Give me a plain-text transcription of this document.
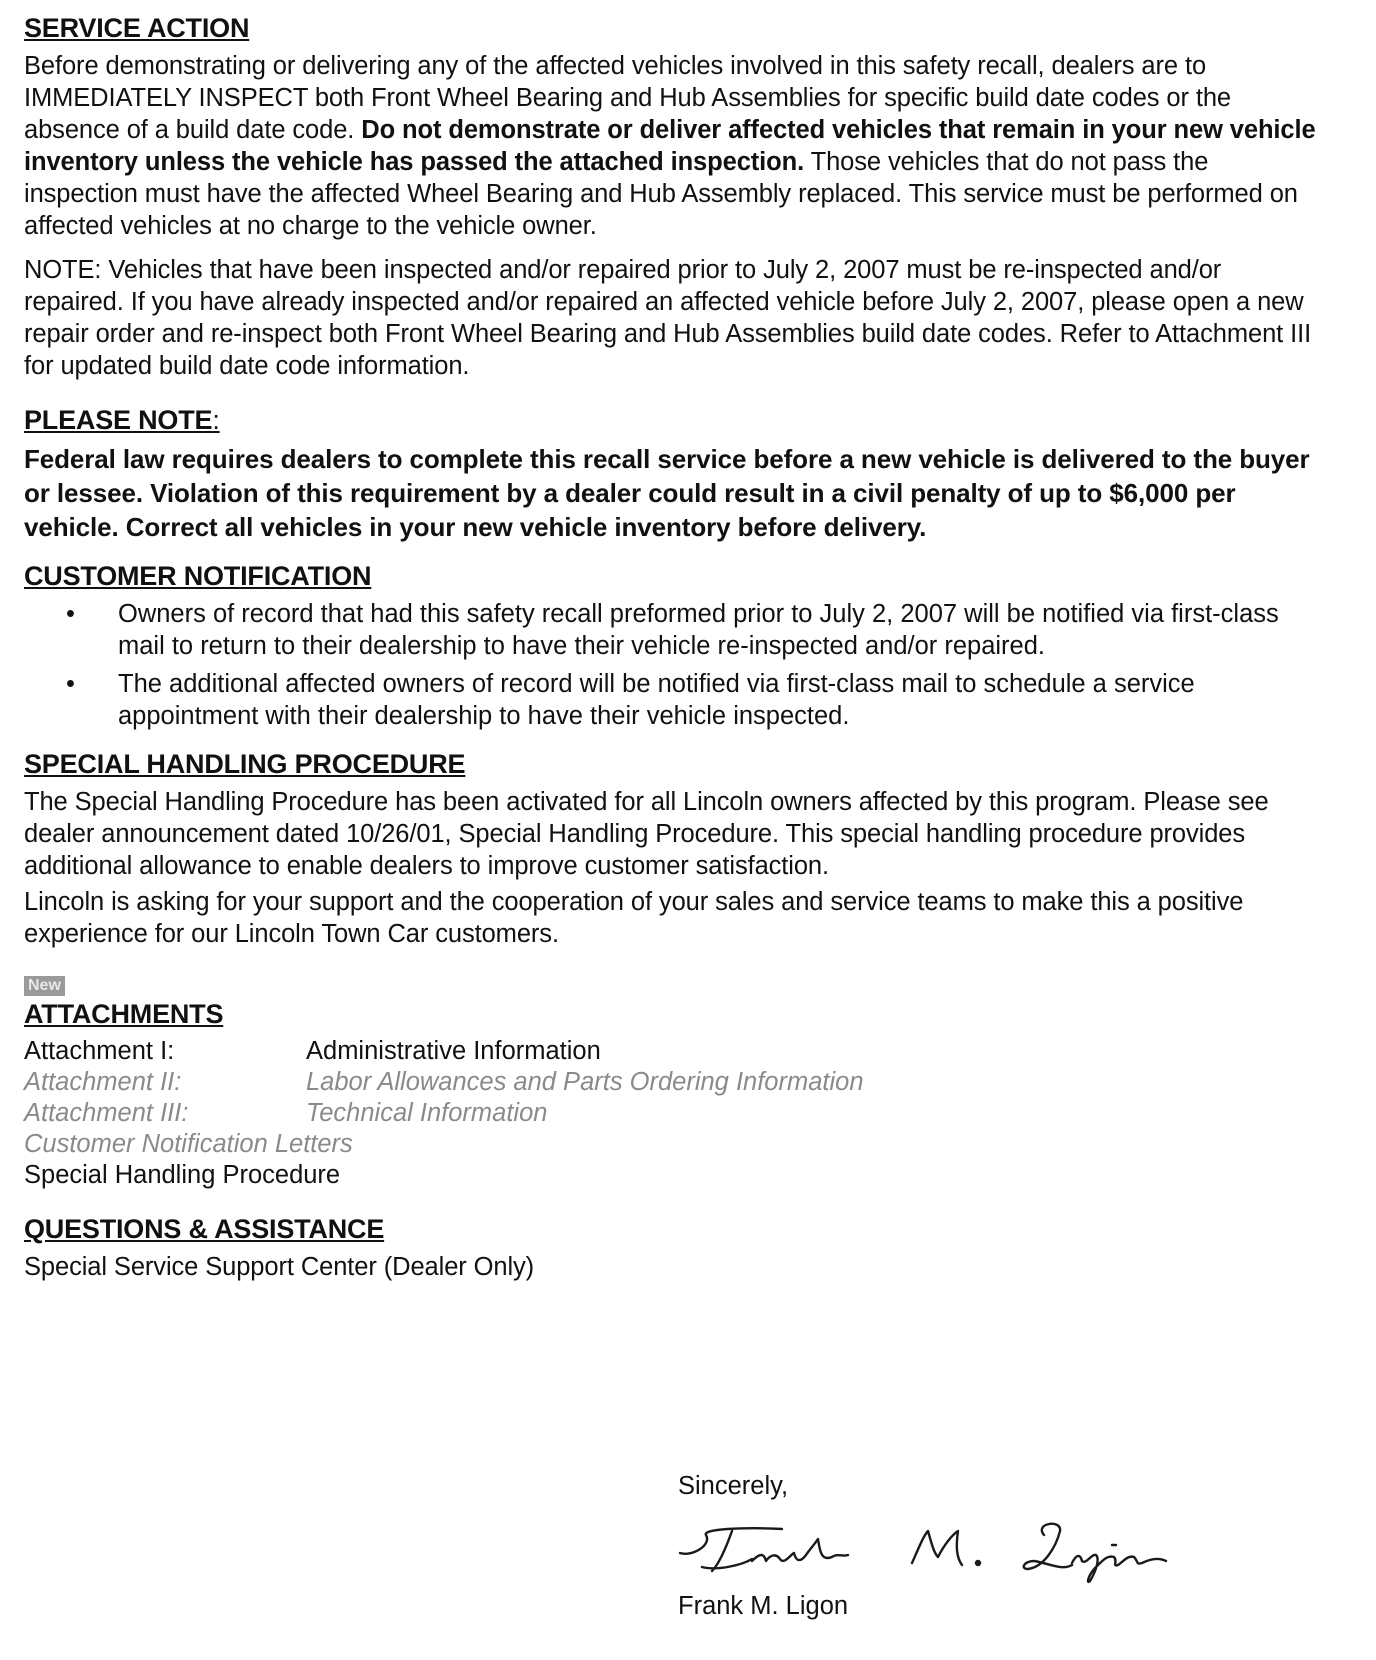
SERVICE ACTION

Before demonstrating or delivering any of the affected vehicles involved in this safety recall, dealers are to IMMEDIATELY INSPECT both Front Wheel Bearing and Hub Assemblies for specific build date codes or the absence of a build date code. Do not demonstrate or deliver affected vehicles that remain in your new vehicle inventory unless the vehicle has passed the attached inspection. Those vehicles that do not pass the inspection must have the affected Wheel Bearing and Hub Assembly replaced. This service must be performed on affected vehicles at no charge to the vehicle owner.

NOTE: Vehicles that have been inspected and/or repaired prior to July 2, 2007 must be re-inspected and/or repaired. If you have already inspected and/or repaired an affected vehicle before July 2, 2007, please open a new repair order and re-inspect both Front Wheel Bearing and Hub Assemblies build date codes. Refer to Attachment III for updated build date code information.

PLEASE NOTE:

Federal law requires dealers to complete this recall service before a new vehicle is delivered to the buyer or lessee. Violation of this requirement by a dealer could result in a civil penalty of up to $6,000 per vehicle. Correct all vehicles in your new vehicle inventory before delivery.

CUSTOMER NOTIFICATION
• Owners of record that had this safety recall preformed prior to July 2, 2007 will be notified via first-class mail to return to their dealership to have their vehicle re-inspected and/or repaired.
• The additional affected owners of record will be notified via first-class mail to schedule a service appointment with their dealership to have their vehicle inspected.
SPECIAL HANDLING PROCEDURE

The Special Handling Procedure has been activated for all Lincoln owners affected by this program. Please see dealer announcement dated 10/26/01, Special Handling Procedure. This special handling procedure provides additional allowance to enable dealers to improve customer satisfaction.

Lincoln is asking for your support and the cooperation of your sales and service teams to make this a positive experience for our Lincoln Town Car customers.

New
ATTACHMENTS
Attachment I:	Administrative Information
Attachment II:	Labor Allowances and Parts Ordering Information
Attachment III:	Technical Information
Customer Notification Letters
Special Handling Procedure
QUESTIONS & ASSISTANCE

Special Service Support Center (Dealer Only)

Sincerely,
Frank M. Ligon
